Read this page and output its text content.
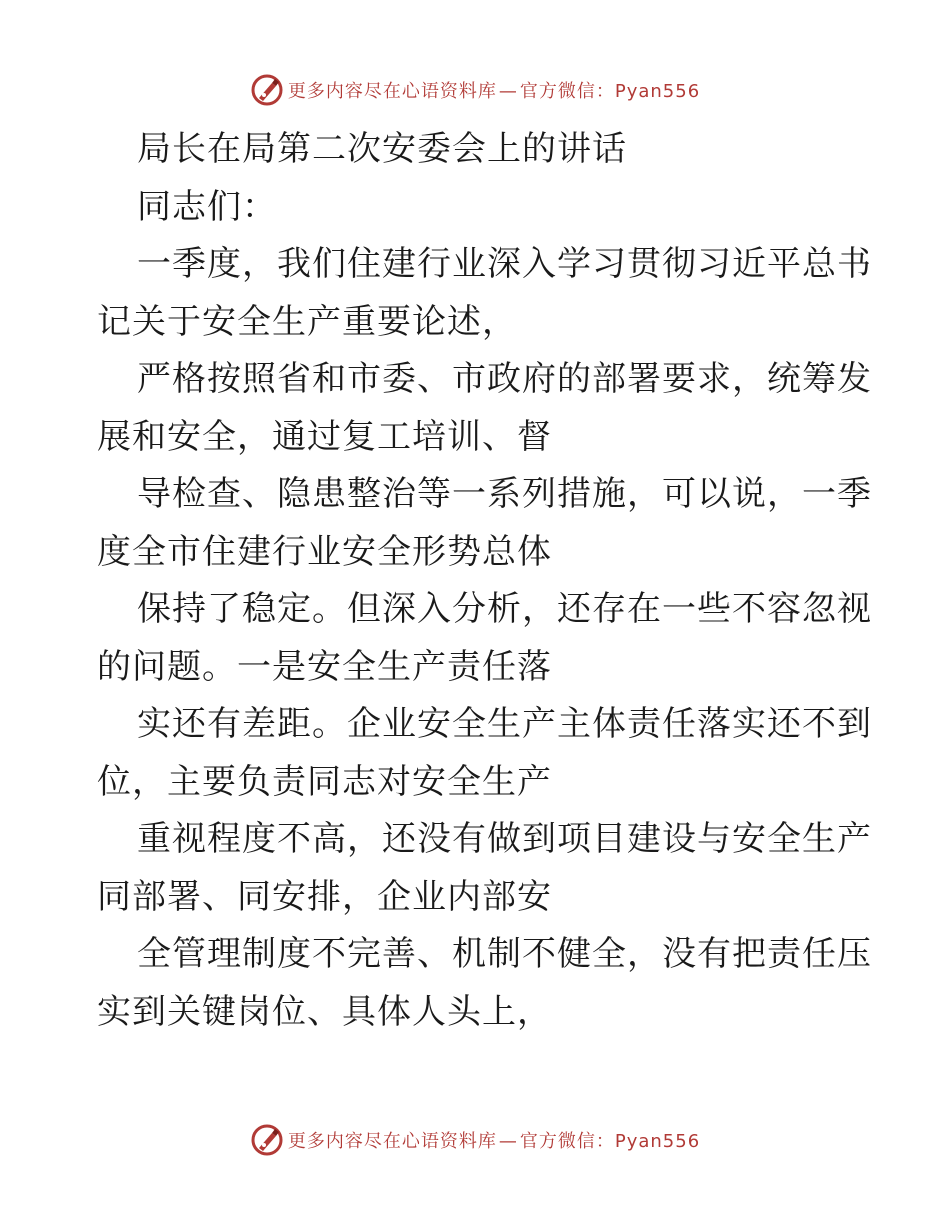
更多内容尽在心语资料库 — 官方微信：Pyan556
局长在局第二次安委会上的讲话
同志们：
一季度，我们住建行业深入学习贯彻习近平总书
记关于安全生产重要论述，
严格按照省和市委、市政府的部署要求，统筹发
展和安全，通过复工培训、督
导检查、隐患整治等一系列措施，可以说，一季
度全市住建行业安全形势总体
保持了稳定。但深入分析，还存在一些不容忽视
的问题。一是安全生产责任落
实还有差距。企业安全生产主体责任落实还不到
位，主要负责同志对安全生产
重视程度不高，还没有做到项目建设与安全生产
同部署、同安排，企业内部安
全管理制度不完善、机制不健全，没有把责任压
实到关键岗位、具体人头上，
更多内容尽在心语资料库 — 官方微信：Pyan556
